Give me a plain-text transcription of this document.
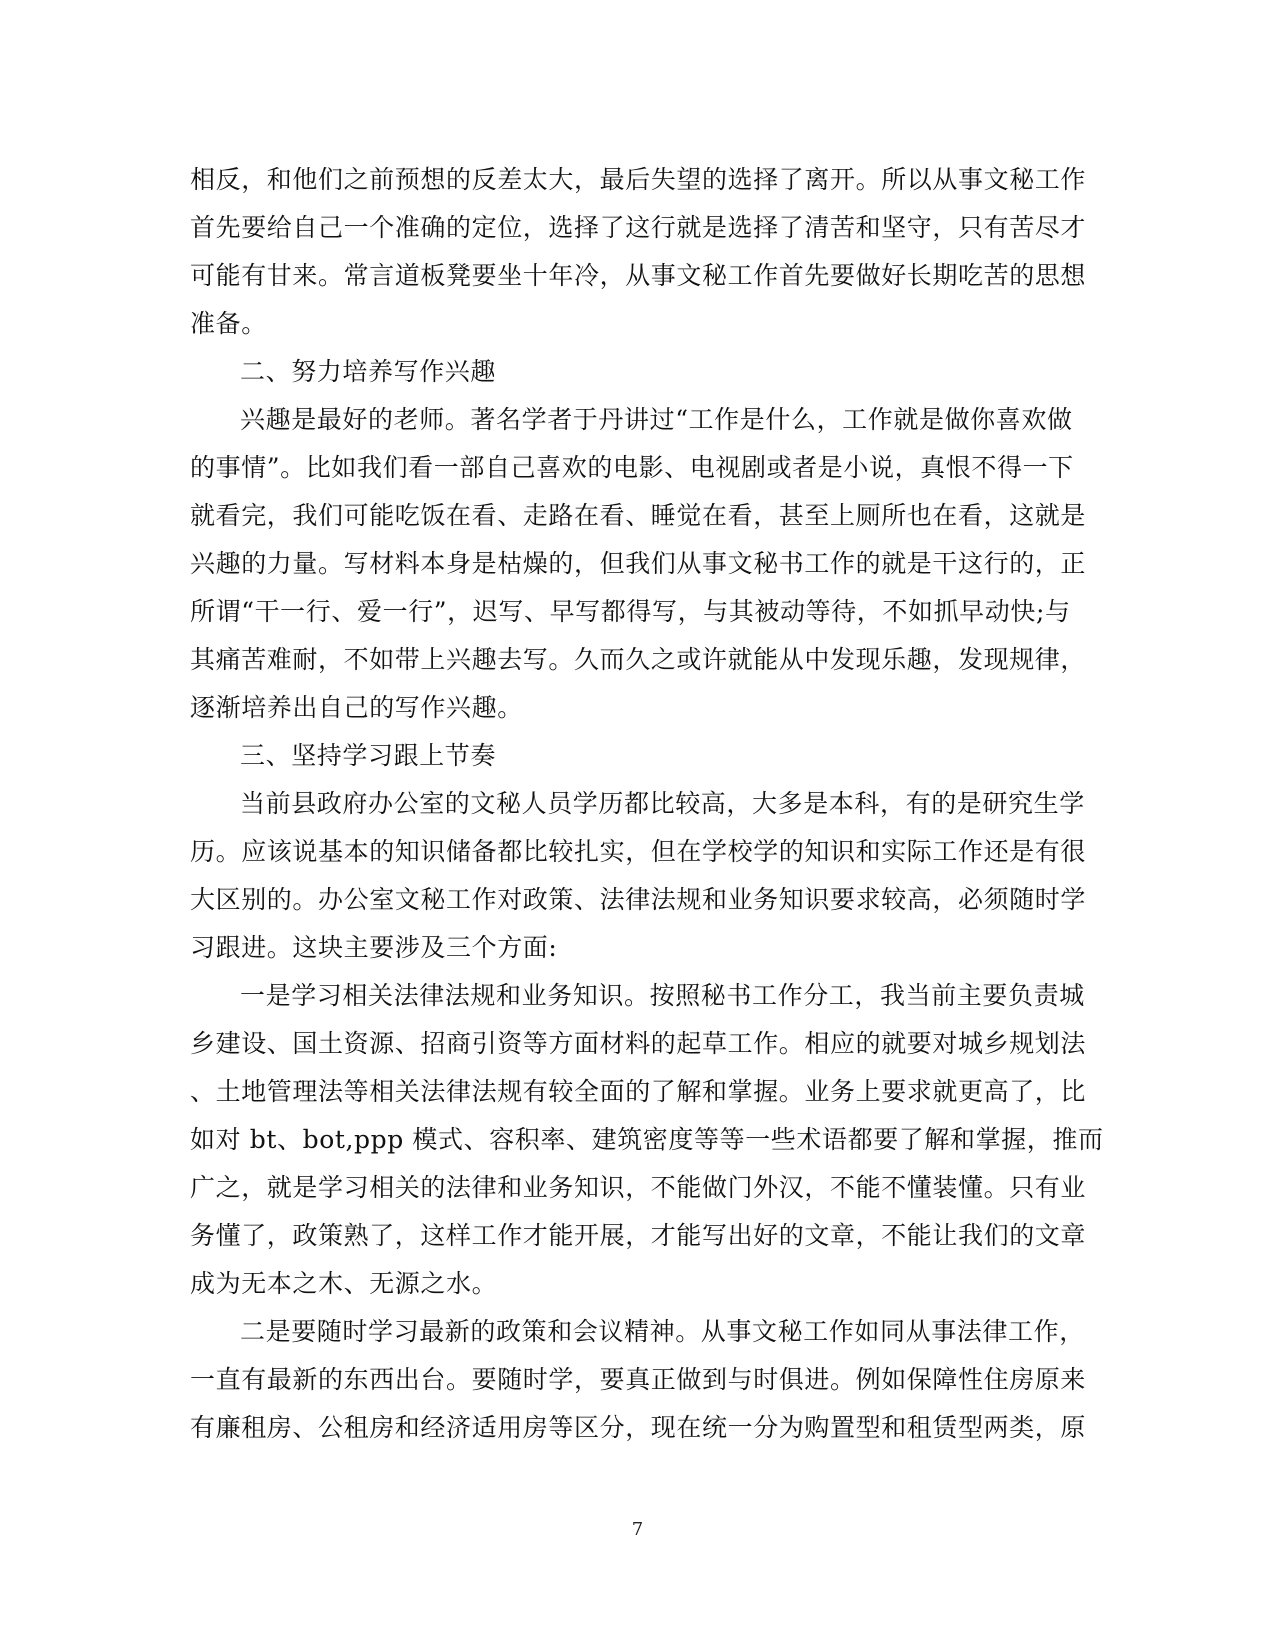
相反，和他们之前预想的反差太大，最后失望的选择了离开。所以从事文秘工作
首先要给自己一个准确的定位，选择了这行就是选择了清苦和坚守，只有苦尽才
可能有甘来。常言道板凳要坐十年冷，从事文秘工作首先要做好长期吃苦的思想
准备。
二、努力培养写作兴趣
兴趣是最好的老师。著名学者于丹讲过“工作是什么，工作就是做你喜欢做
的事情”。比如我们看一部自己喜欢的电影、电视剧或者是小说，真恨不得一下
就看完，我们可能吃饭在看、走路在看、睡觉在看，甚至上厕所也在看，这就是
兴趣的力量。写材料本身是枯燥的，但我们从事文秘书工作的就是干这行的，正
所谓“干一行、爱一行”，迟写、早写都得写，与其被动等待，不如抓早动快;与
其痛苦难耐，不如带上兴趣去写。久而久之或许就能从中发现乐趣，发现规律，
逐渐培养出自己的写作兴趣。
三、坚持学习跟上节奏
当前县政府办公室的文秘人员学历都比较高，大多是本科，有的是研究生学
历。应该说基本的知识储备都比较扎实，但在学校学的知识和实际工作还是有很
大区别的。办公室文秘工作对政策、法律法规和业务知识要求较高，必须随时学
习跟进。这块主要涉及三个方面:
一是学习相关法律法规和业务知识。按照秘书工作分工，我当前主要负责城
乡建设、国土资源、招商引资等方面材料的起草工作。相应的就要对城乡规划法
、土地管理法等相关法律法规有较全面的了解和掌握。业务上要求就更高了，比
如对 bt、bot,ppp 模式、容积率、建筑密度等等一些术语都要了解和掌握，推而
广之，就是学习相关的法律和业务知识，不能做门外汉，不能不懂装懂。只有业
务懂了，政策熟了，这样工作才能开展，才能写出好的文章，不能让我们的文章
成为无本之木、无源之水。
二是要随时学习最新的政策和会议精神。从事文秘工作如同从事法律工作，
一直有最新的东西出台。要随时学，要真正做到与时俱进。例如保障性住房原来
有廉租房、公租房和经济适用房等区分，现在统一分为购置型和租赁型两类，原
7
